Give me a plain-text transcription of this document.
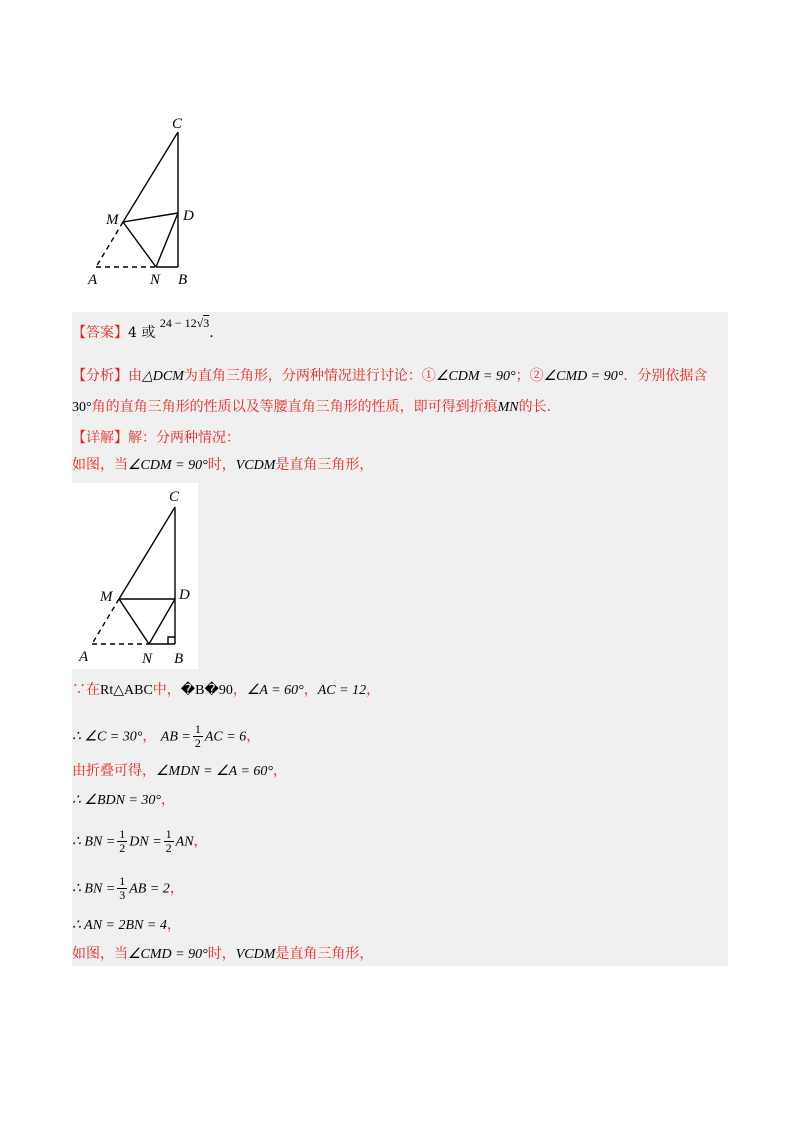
C
D
M
A	N B
【答案】4 或 24 − 12√3.
【分析】由△DCM为直角三角形，分两种情况进行讨论：①∠CDM = 90°；②∠CMD = 90°．分别依据含
30°角的直角三角形的性质以及等腰直角三角形的性质，即可得到折痕MN的长.
【详解】解：分两种情况：
如图，当∠CDM = 90°时，VCDM是直角三角形，
C
D
M
A	N B
∵在Rt△ABC中，�B�90，∠A = 60°，AC = 12，
∴ ∠C = 30°， AB = $\frac{1}{2}$ AC = 6，
由折叠可得，∠MDN = ∠A = 60°，
∴ ∠BDN = 30°，
∴ BN = $\frac{1}{2}$ DN = $\frac{1}{2}$ AN，
∴ BN = $\frac{1}{3}$ AB = 2，
∴ AN = 2BN = 4，
如图，当∠CMD = 90°时，VCDM是直角三角形，
